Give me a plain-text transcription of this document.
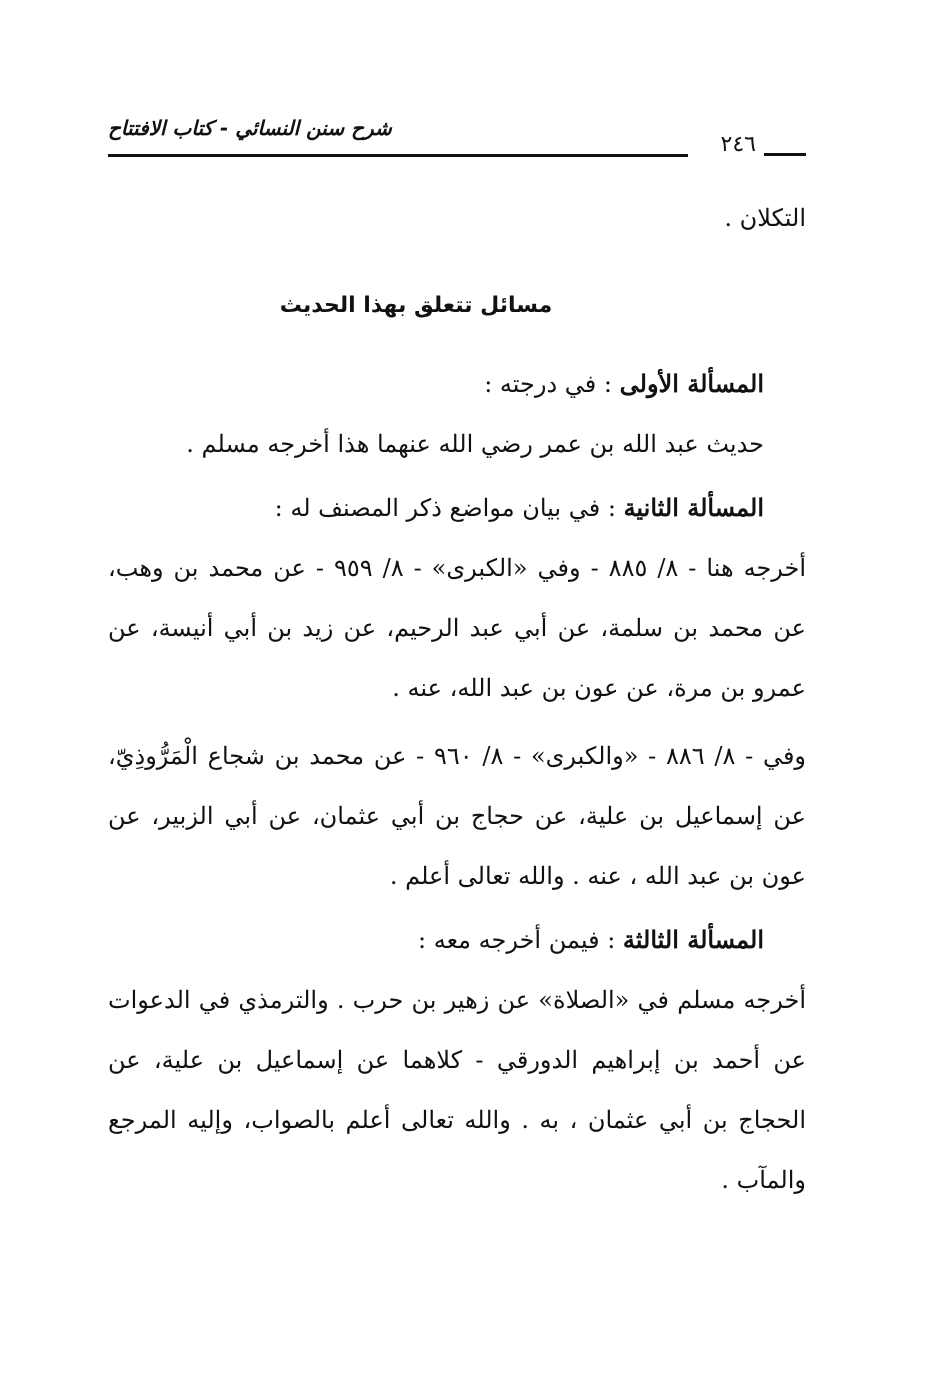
شرح سنن النسائي - كتاب الافتتاح
٢٤٦

التكلان .

مسائل تتعلق بهذا الحديث

المسألة الأولى : في درجته :

حديث عبد الله بن عمر رضي الله عنهما هذا أخرجه مسلم .

المسألة الثانية : في بيان مواضع ذكر المصنف له :

أخرجه هنا - ٨/ ٨٨٥ - وفي «الكبرى» - ٨/ ٩٥٩ - عن محمد بن وهب، عن محمد بن سلمة، عن أبي عبد الرحيم، عن زيد بن أبي أنيسة، عن عمرو بن مرة، عن عون بن عبد الله، عنه .

وفي - ٨/ ٨٨٦ - «والكبرى» - ٨/ ٩٦٠ - عن محمد بن شجاع الْمَرُّوذِيّ، عن إسماعيل بن علية، عن حجاج بن أبي عثمان، عن أبي الزبير، عن عون بن عبد الله ، عنه . والله تعالى أعلم .

المسألة الثالثة : فيمن أخرجه معه :

أخرجه مسلم في «الصلاة» عن زهير بن حرب . والترمذي في الدعوات عن أحمد بن إبراهيم الدورقي - كلاهما عن إسماعيل بن علية، عن الحجاج بن أبي عثمان ، به . والله تعالى أعلم بالصواب، وإليه المرجع والمآب .
